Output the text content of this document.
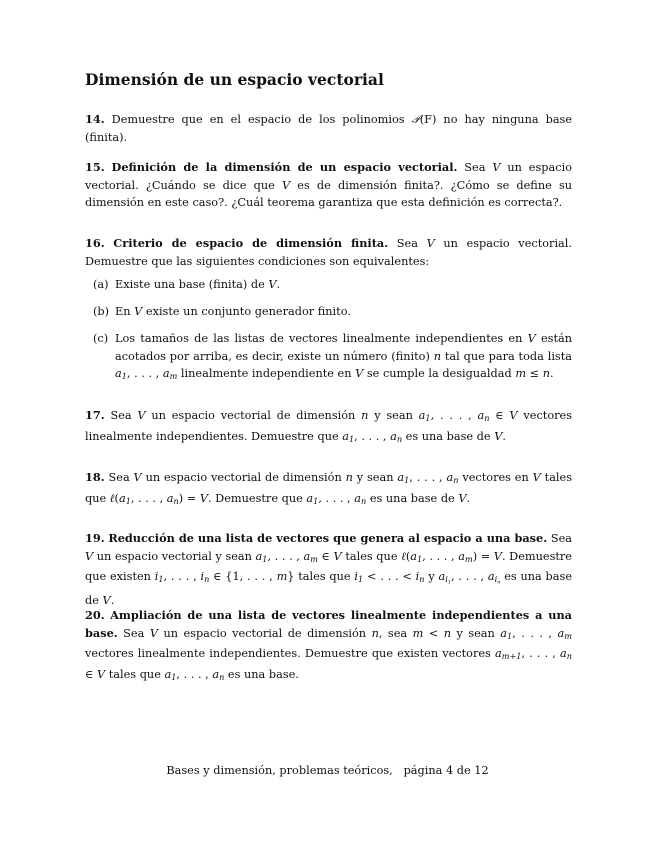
Dimensión de un espacio vectorial
14. Demuestre que en el espacio de los polinomios 𝒫(F) no hay ninguna base (finita).
15. Definición de la dimensión de un espacio vectorial. Sea V un espacio vectorial. ¿Cuándo se dice que V es de dimensión finita?. ¿Cómo se define su dimensión en este caso?. ¿Cuál teorema garantiza que esta definición es correcta?.
16. Criterio de espacio de dimensión finita. Sea V un espacio vectorial. Demuestre que las siguientes condiciones son equivalentes:
(a) Existe una base (finita) de V.
(b) En V existe un conjunto generador finito.
(c) Los tamaños de las listas de vectores linealmente independientes en V están acotados por arriba, es decir, existe un número (finito) n tal que para toda lista $a_1$, . . . , $a_m$ linealmente independiente en V se cumple la desigualdad m ≤ n.
17. Sea V un espacio vectorial de dimensión n y sean $a_1$, . . . , $a_n$ ∈ V vectores linealmente independientes. Demuestre que $a_1$, . . . , $a_n$ es una base de V.
18. Sea V un espacio vectorial de dimensión n y sean $a_1$, . . . , $a_n$ vectores en V tales que $\ell(a_1$, . . . , $a_n) = V$. Demuestre que $a_1$, . . . , $a_n$ es una base de V.
19. Reducción de una lista de vectores que genera al espacio a una base. Sea V un espacio vectorial y sean $a_1$, . . . , $a_m$ ∈ V tales que $\ell(a_1$, . . . , $a_m) = V$. Demuestre que existen $i_1$, . . . , $i_n$ ∈ {1, . . . , m} tales que $i_1$ < . . . < $i_n$ y $a_{i1}$, . . . , $a_{in}$ es una base de V.
20. Ampliación de una lista de vectores linealmente independientes a una base. Sea V un espacio vectorial de dimensión n, sea m < n y sean $a_1$, . . . , $a_m$ vectores linealmente independientes. Demuestre que existen vectores $a_{m+1}$, . . . , $a_n$ ∈ V tales que $a_1$, . . . , $a_n$ es una base.
Bases y dimensión, problemas teóricos, página 4 de 12
